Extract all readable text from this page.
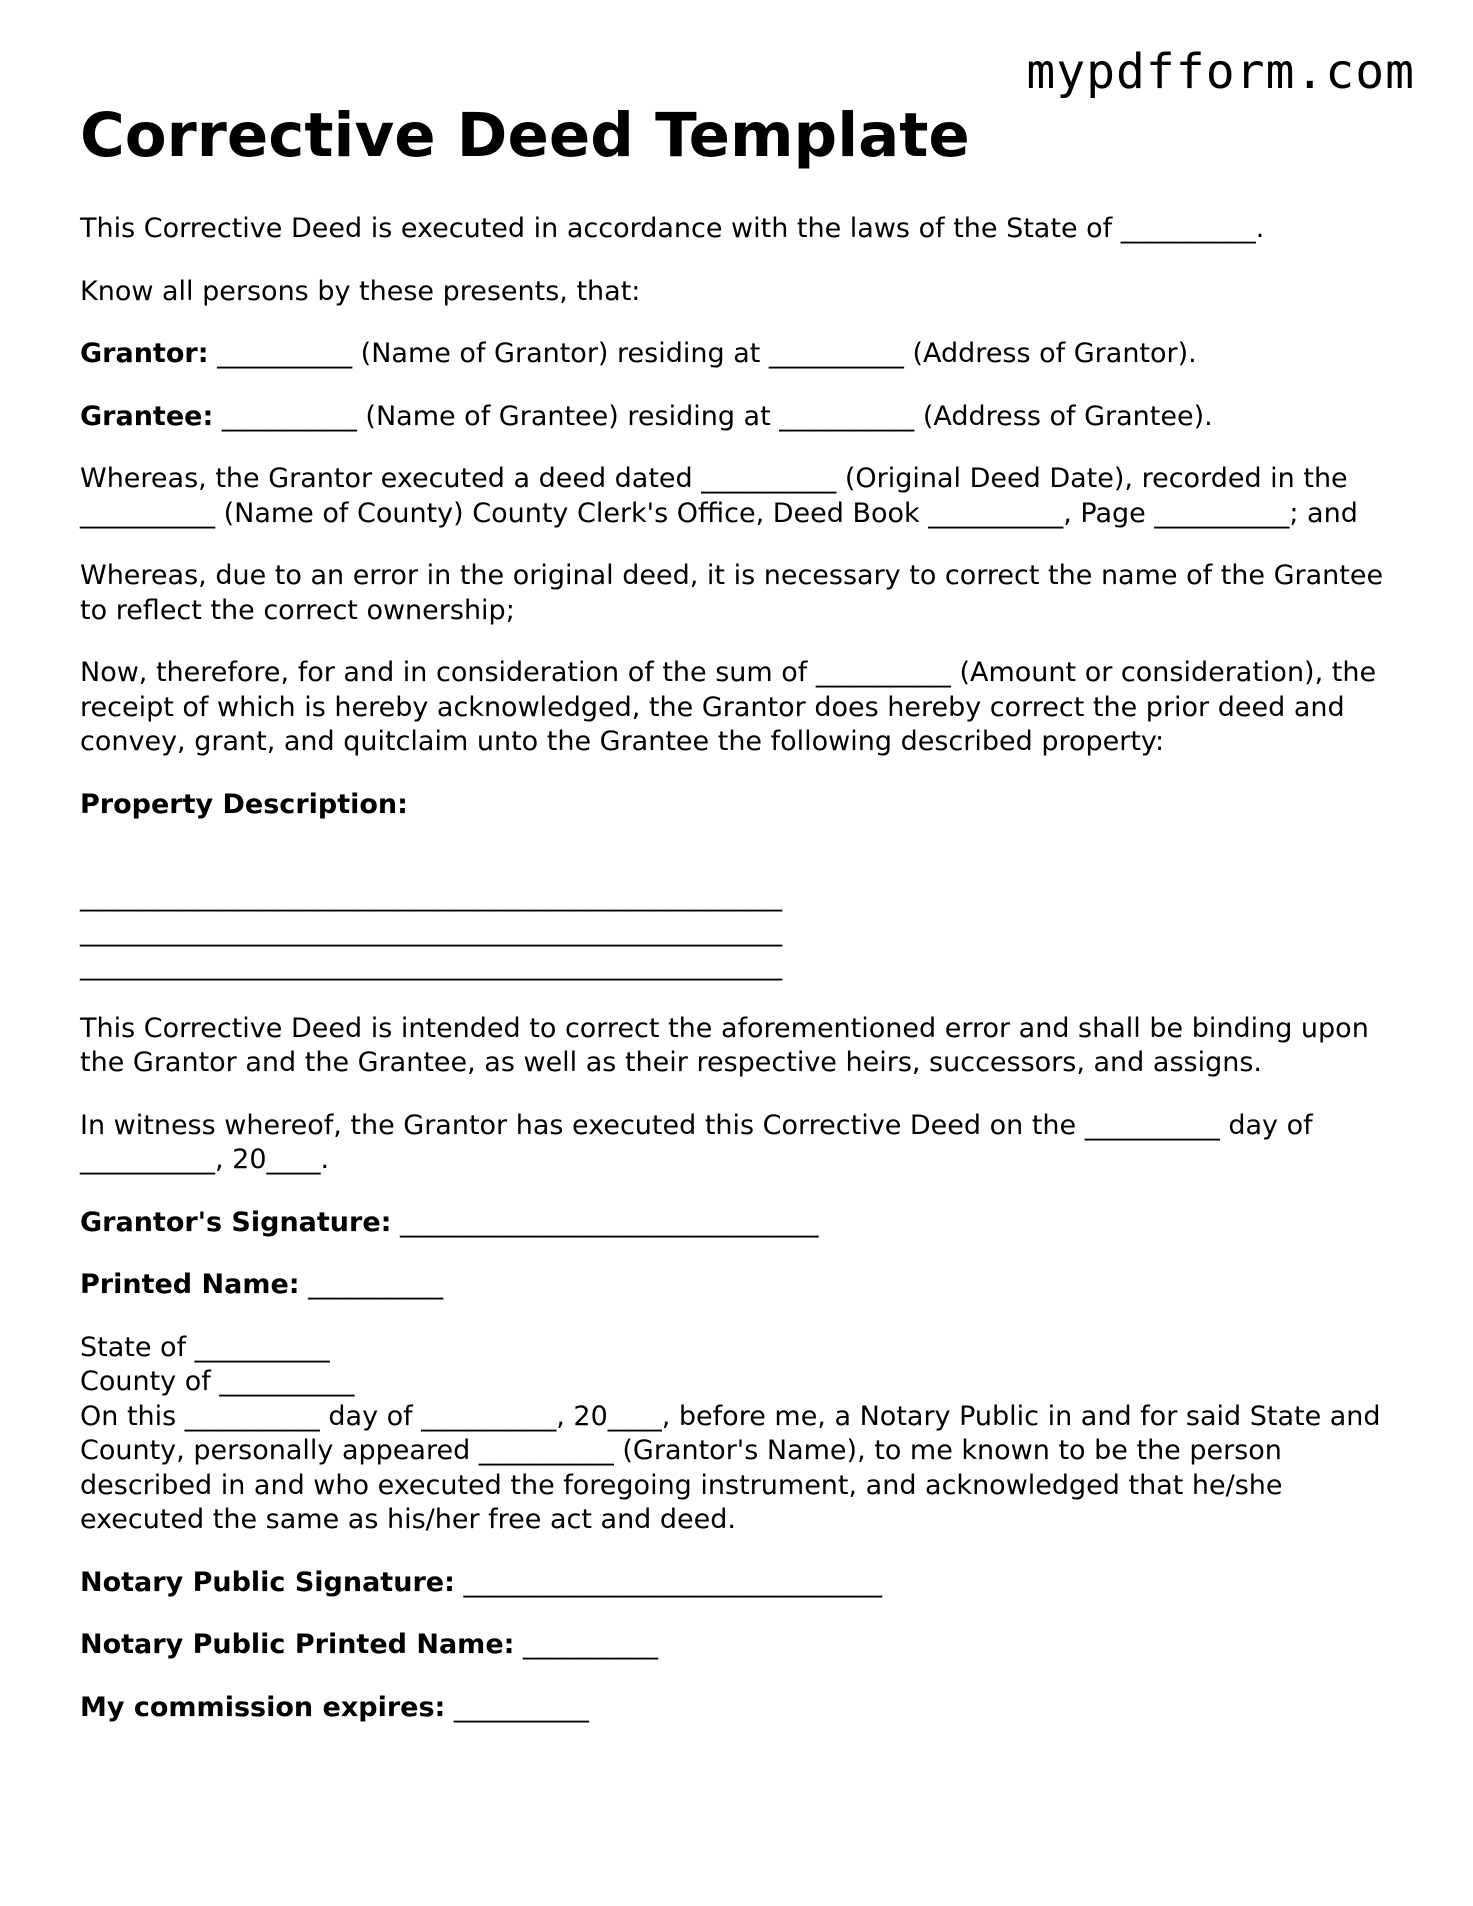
mypdfform.com
Corrective Deed Template

This Corrective Deed is executed in accordance with the laws of the State of __________.

Know all persons by these presents, that:

Grantor: __________ (Name of Grantor) residing at __________ (Address of Grantor).

Grantee: __________ (Name of Grantee) residing at __________ (Address of Grantee).

Whereas, the Grantor executed a deed dated __________ (Original Deed Date), recorded in the __________ (Name of County) County Clerk's Office, Deed Book __________, Page __________; and

Whereas, due to an error in the original deed, it is necessary to correct the name of the Grantee to reflect the correct ownership;

Now, therefore, for and in consideration of the sum of __________ (Amount or consideration), the receipt of which is hereby acknowledged, the Grantor does hereby correct the prior deed and convey, grant, and quitclaim unto the Grantee the following described property:

Property Description:

____________________________________________________
____________________________________________________
____________________________________________________

This Corrective Deed is intended to correct the aforementioned error and shall be binding upon the Grantor and the Grantee, as well as their respective heirs, successors, and assigns.

In witness whereof, the Grantor has executed this Corrective Deed on the __________ day of __________, 20____.

Grantor's Signature: _______________________________

Printed Name: __________

State of __________
County of __________
On this __________ day of __________, 20____, before me, a Notary Public in and for said State and County, personally appeared __________ (Grantor's Name), to me known to be the person described in and who executed the foregoing instrument, and acknowledged that he/she executed the same as his/her free act and deed.

Notary Public Signature: _______________________________

Notary Public Printed Name: __________

My commission expires: __________
